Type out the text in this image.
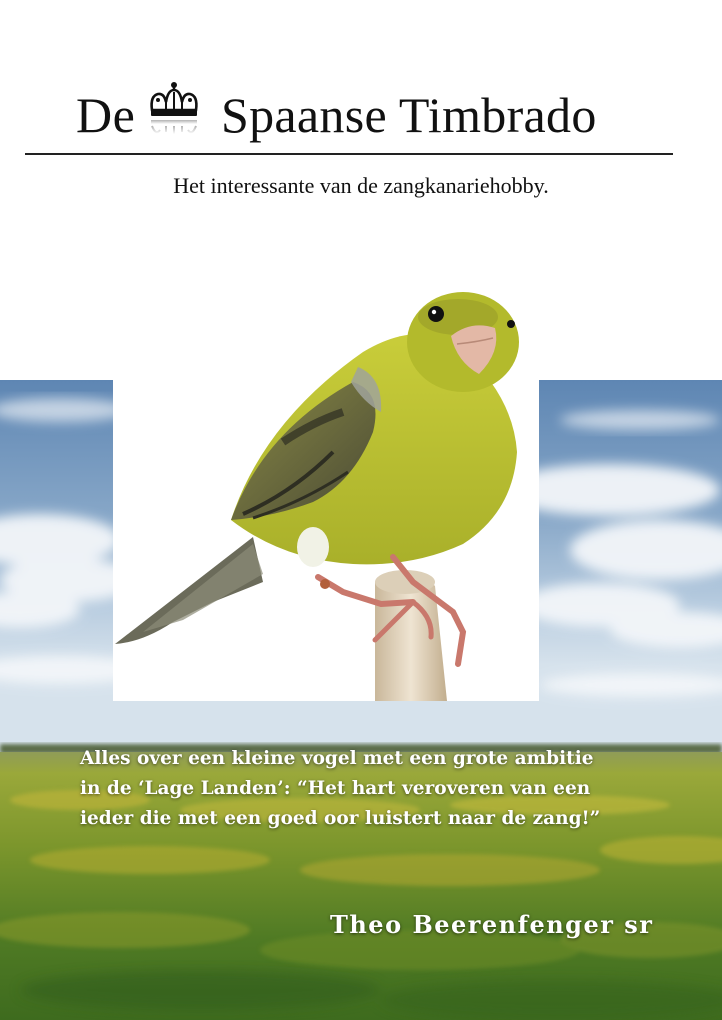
De Spaanse Timbrado
Het interessante van de zangkanariehobby.
Alles over een kleine vogel met een grote ambitie
in de ‘Lage Landen’: “Het hart veroveren van een
ieder die met een goed oor luistert naar de zang!”
Theo Beerenfenger sr
